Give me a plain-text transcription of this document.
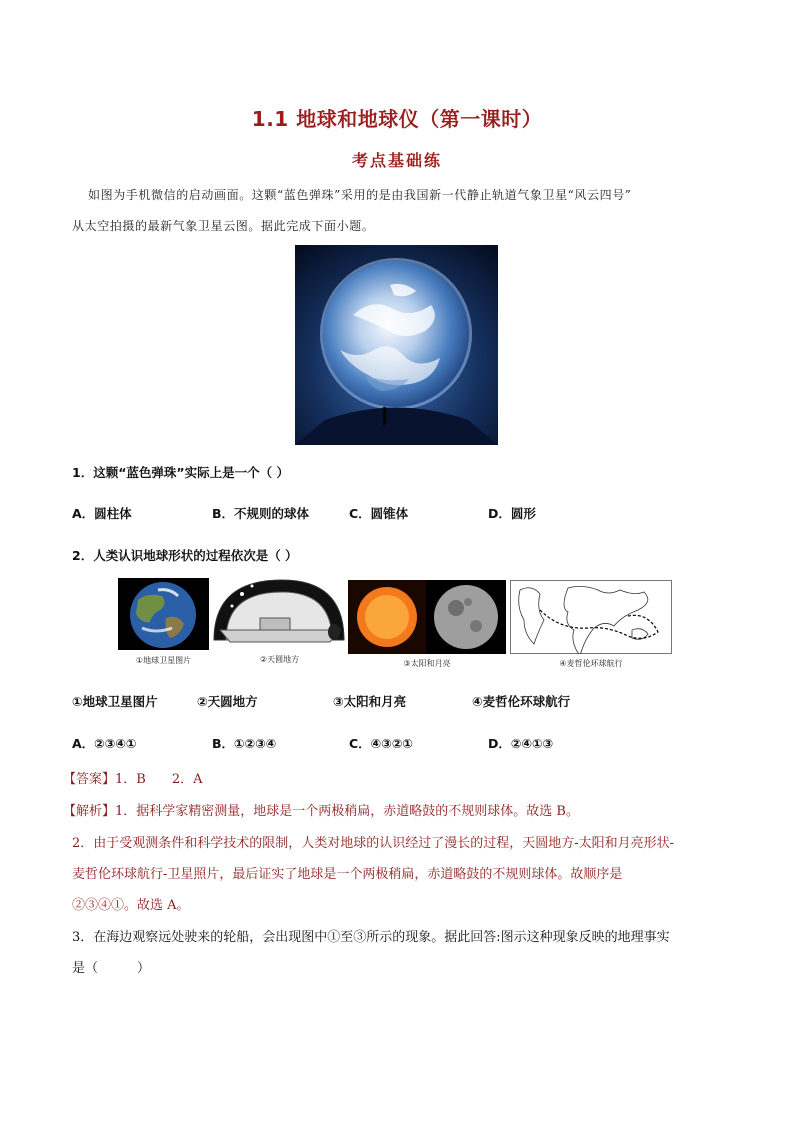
1.1 地球和地球仪（第一课时）
考点基础练
如图为手机微信的启动画面。这颗“蓝色弹珠”采用的是由我国新一代静止轨道气象卫星“风云四号”
从太空拍摄的最新气象卫星云图。据此完成下面小题。
1．这颗“蓝色弹珠”实际上是一个（ ）
A．圆柱体	B．不规则的球体	C．圆锥体	D．圆形
2．人类认识地球形状的过程依次是（ ）
①地球卫星图片	②天圆地方	③太阳和月亮	④麦哲伦环球航行
①地球卫星图片	②天圆地方	③太阳和月亮	④麦哲伦环球航行
A．②③④①	B．①②③④	C．④③②①	D．②④①③
【答案】1．B　　2．A
【解析】1．据科学家精密测量，地球是一个两极稍扁，赤道略鼓的不规则球体。故选 B。
2．由于受观测条件和科学技术的限制，人类对地球的认识经过了漫长的过程，天圆地方-太阳和月亮形状-
麦哲伦环球航行-卫星照片，最后证实了地球是一个两极稍扁，赤道略鼓的不规则球体。故顺序是
②③④①。故选 A。
3．在海边观察远处驶来的轮船，会出现图中①至③所示的现象。据此回答:图示这种现象反映的地理事实
是（　　　）
